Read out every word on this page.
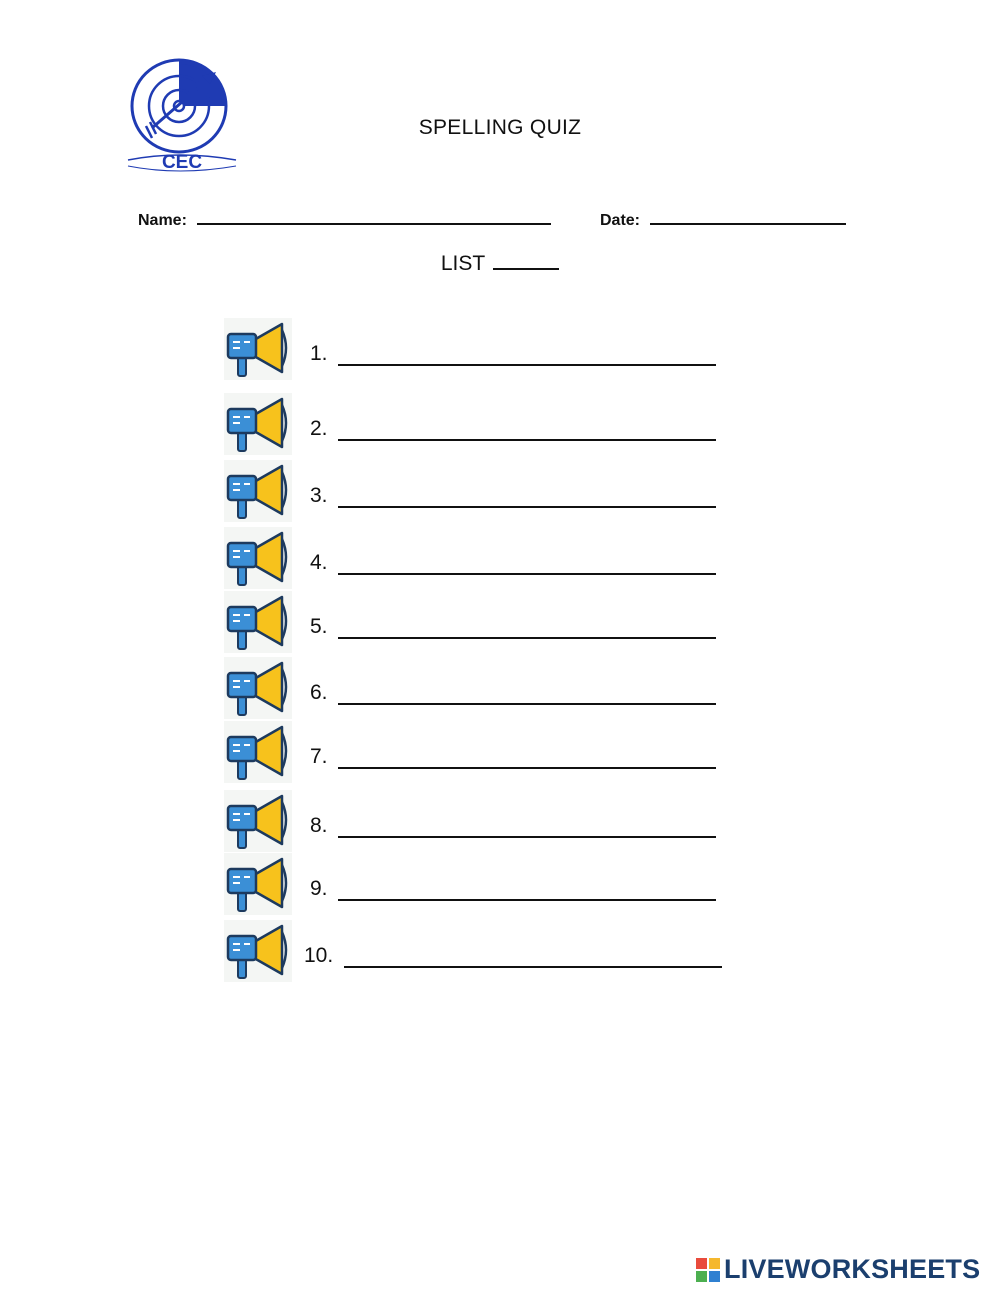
CEC
SPELLING QUIZ
Name:	Date:
LIST
1.
2.
3.
4.
5.
6.
7.
8.
9.
10.
LIVEWORKSHEETS
